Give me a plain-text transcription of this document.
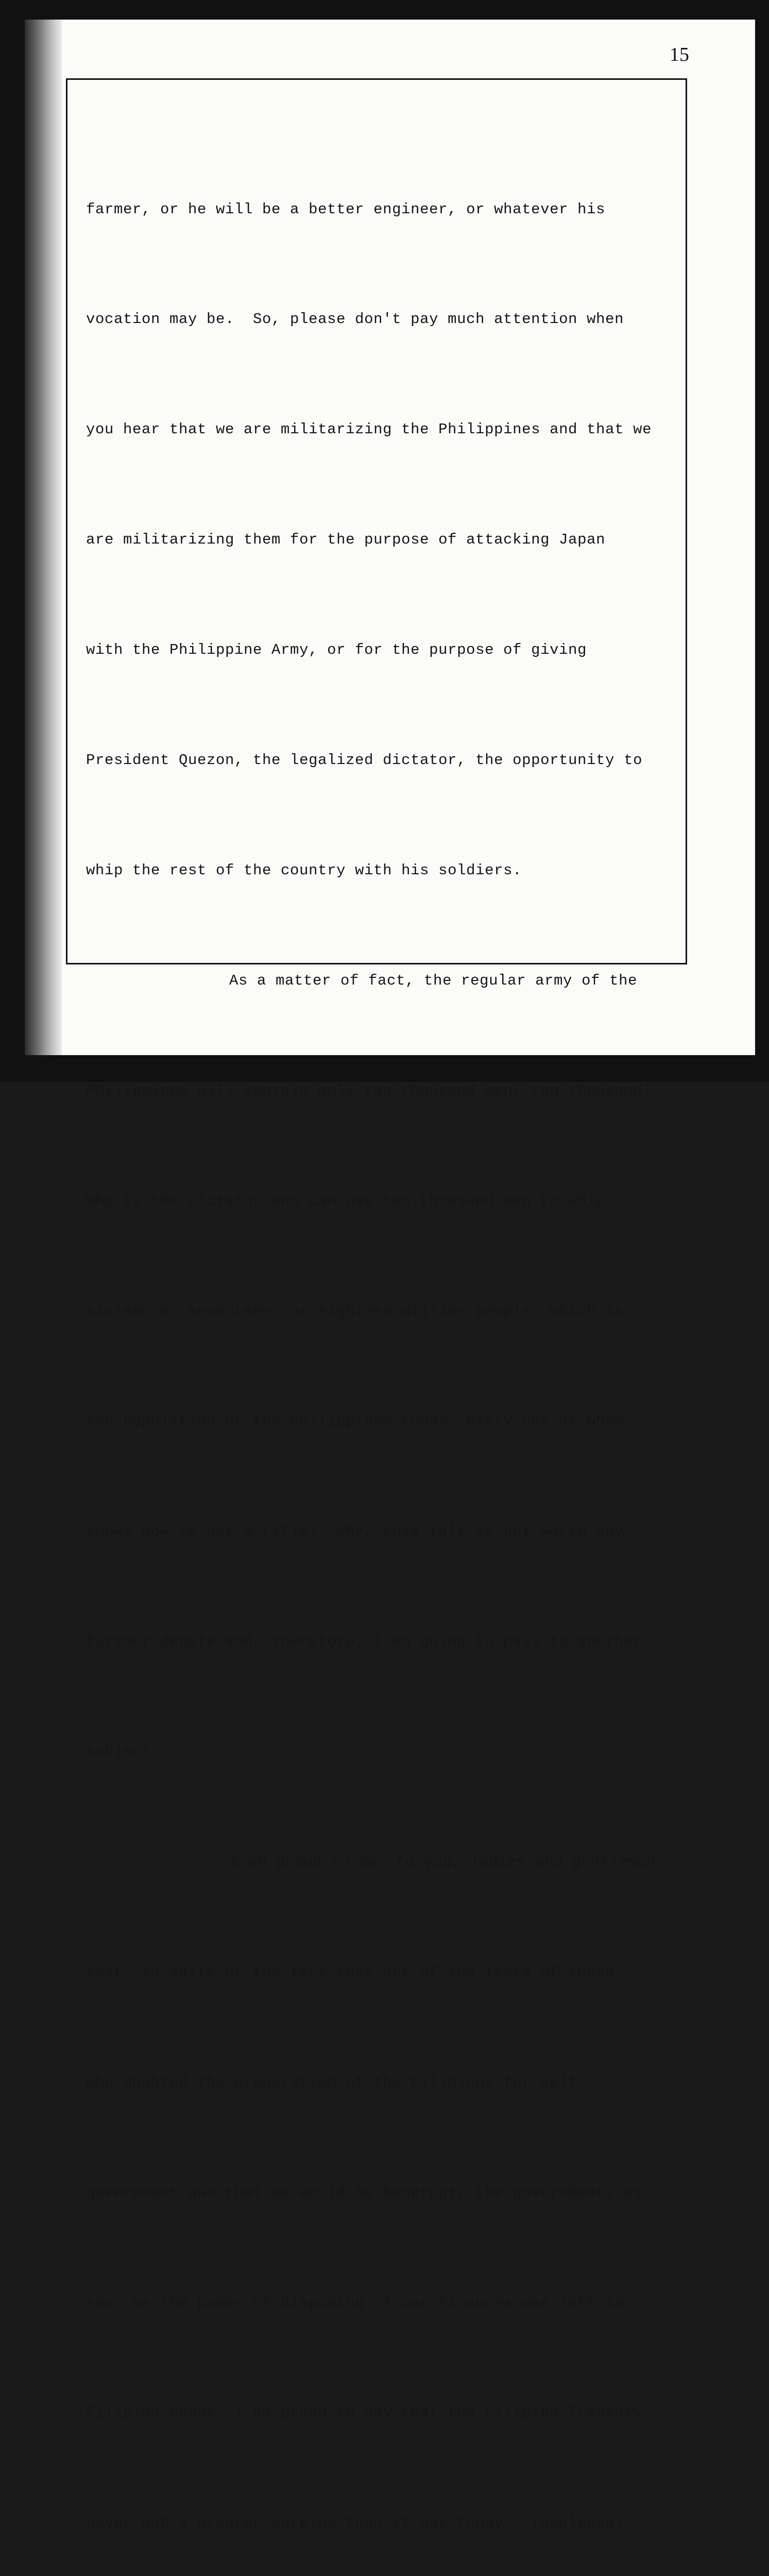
15

farmer, or he will be a better engineer, or whatever his

vocation may be.  So, please don't pay much attention when

you hear that we are militarizing the Philippines and that we

are militarizing them for the purpose of attacking Japan

with the Philippine Army, or for the purpose of giving

President Quezon, the legalized dictator, the opportunity to

whip the rest of the country with his soldiers.

As a matter of fact, the regular army of the

Philippines will contain only ten thousand men, ten thousand!

Who is the dictator who can use ten thousand men to whip

sixteen or seventeen, or eighteen million people, which is

the population of the Philippines today, every one of whom

knows how to use a rifle?  Why, this talk is not worth any

further debate and, therefore, I am going to pass to another

subject.

I am proud to say to you, ladies and gentlemen,

that, in spite of the fact that one of the fears of those

who doubted the preparation of the Filipinos for self-

government was that we would be bankrupt, the government, as

soon as the power of disposing of our finances was left in

Filipino hands, I am proud to say that the Filipino Treasury

never had a greater surplus than it has today.  (Applause)
